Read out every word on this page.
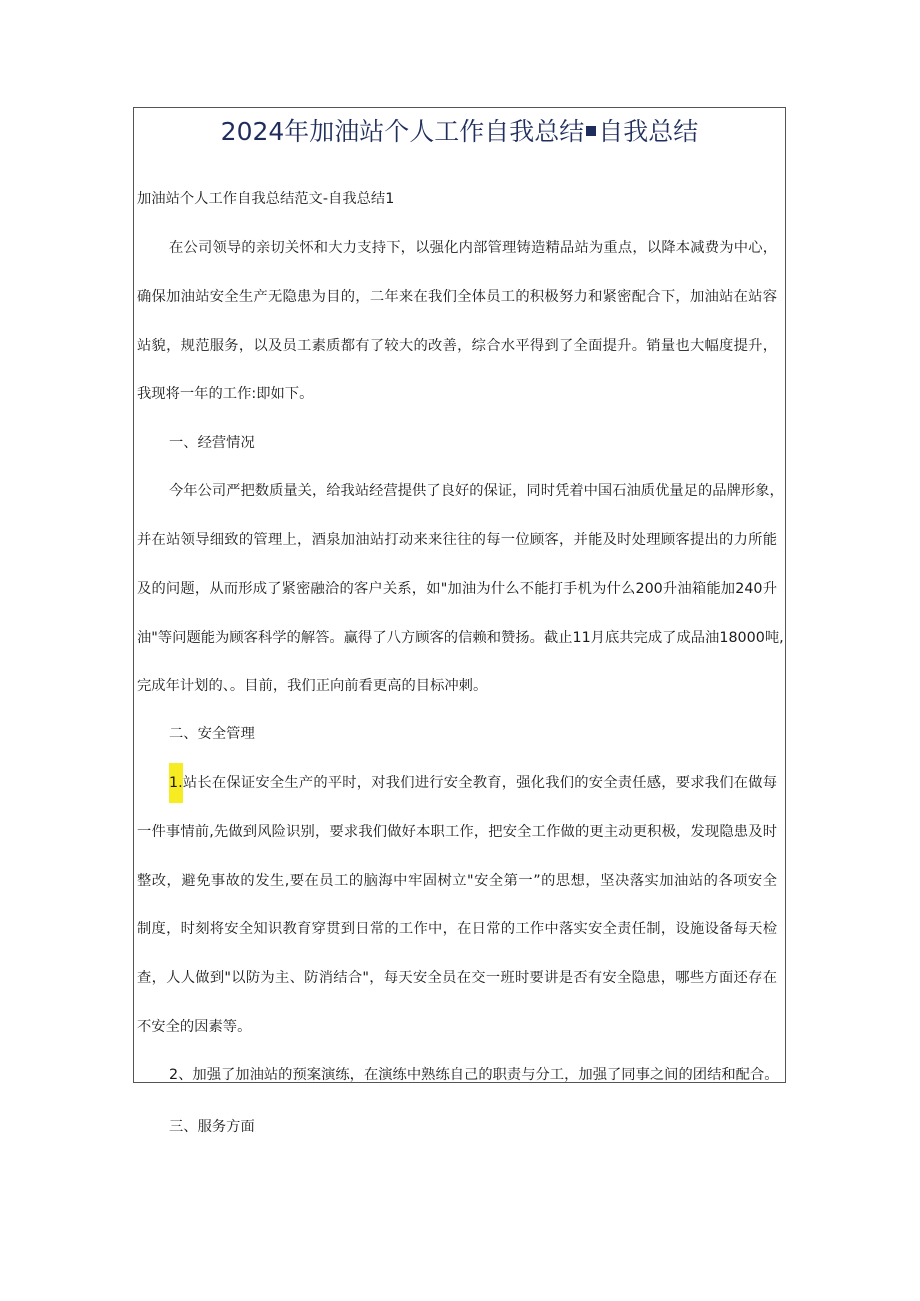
2024年加油站个人工作自我总结 自我总结

加油站个人工作自我总结范文-自我总结1

在公司领导的亲切关怀和大力支持下，以强化内部管理铸造精品站为重点，以降本减费为中心，

确保加油站安全生产无隐患为目的，二年来在我们全体员工的积极努力和紧密配合下，加油站在站容

站貌，规范服务，以及员工素质都有了较大的改善，综合水平得到了全面提升。销量也大幅度提升，

我现将一年的工作:即如下。

一、经营情况

今年公司严把数质量关，给我站经营提供了良好的保证，同时凭着中国石油质优量足的品牌形象，

并在站领导细致的管理上，酒泉加油站打动来来往往的每一位顾客，并能及时处理顾客提出的力所能

及的问题，从而形成了紧密融洽的客户关系，如"加油为什么不能打手机为什么200升油箱能加240升

油"等问题能为顾客科学的解答。赢得了八方顾客的信赖和赞扬。截止11月底共完成了成品油18000吨,

完成年计划的、。目前，我们正向前看更高的目标冲刺。

二、安全管理

1.站长在保证安全生产的平时，对我们进行安全教育，强化我们的安全责任感，要求我们在做每

一件事情前,先做到风险识别，要求我们做好本职工作，把安全工作做的更主动更积极，发现隐患及时

整改，避免事故的发生,要在员工的脑海中牢固树立"安全第一”的思想，坚决落实加油站的各项安全

制度，时刻将安全知识教育穿贯到日常的工作中，在日常的工作中落实安全责任制，设施设备每天检

查，人人做到"以防为主、防消结合"，每天安全员在交一班时要讲是否有安全隐患，哪些方面还存在

不安全的因素等。

2、加强了加油站的预案演练，在演练中熟练自己的职责与分工，加强了同事之间的团结和配合。

三、服务方面
